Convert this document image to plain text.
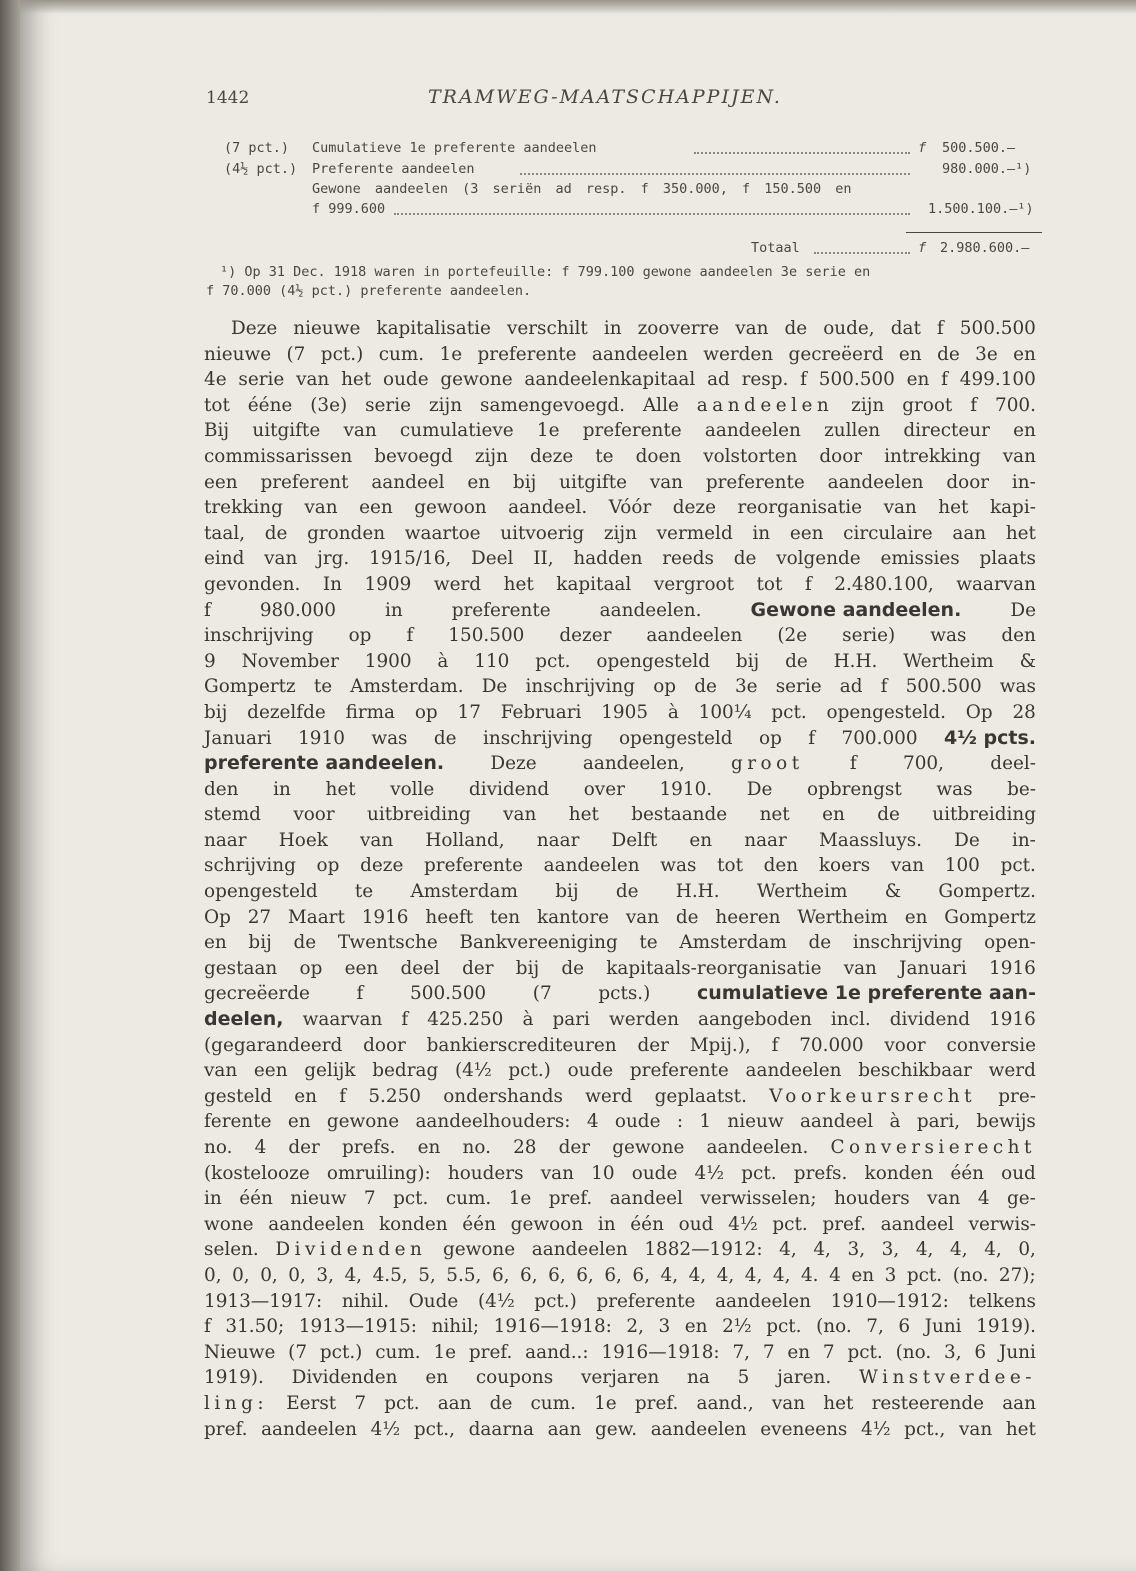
1442	TRAMWEG-MAATSCHAPPIJEN.
(7 pct.) Cumulatieve 1e preferente aandeelen	f 500.500.—
(4½ pct.) Preferente aandeelen	980.000.—¹)
Gewone aandeelen (3 seriën ad resp. f 350.000, f 150.500 en
f 999.600	1.500.100.—¹)
Totaal	f 2.980.600.—
¹) Op 31 Dec. 1918 waren in portefeuille: f 799.100 gewone aandeelen 3e serie en
f 70.000 (4½ pct.) preferente aandeelen.
Deze nieuwe kapitalisatie verschilt in zooverre van de oude, dat f 500.500
nieuwe (7 pct.) cum. 1e preferente aandeelen werden gecreëerd en de 3e en
4e serie van het oude gewone aandeelenkapitaal ad resp. f 500.500 en f 499.100
tot ééne (3e) serie zijn samengevoegd. Alle aandeelen zijn groot f 700.
Bij uitgifte van cumulatieve 1e preferente aandeelen zullen directeur en
commissarissen bevoegd zijn deze te doen volstorten door intrekking van
een preferent aandeel en bij uitgifte van preferente aandeelen door in-
trekking van een gewoon aandeel. Vóór deze reorganisatie van het kapi-
taal, de gronden waartoe uitvoerig zijn vermeld in een circulaire aan het
eind van jrg. 1915/16, Deel II, hadden reeds de volgende emissies plaats
gevonden. In 1909 werd het kapitaal vergroot tot f 2.480.100, waarvan
f	980.000	in	preferente	aandeelen.	Gewone aandeelen.	De
inschrijving op f 150.500 dezer aandeelen (2e serie) was den
9 November 1900 à 110 pct. opengesteld bij de H.H. Wertheim &
Gompertz te Amsterdam. De inschrijving op de 3e serie ad f 500.500 was
bij dezelfde firma op 17 Februari 1905 à 100¼ pct. opengesteld. Op 28
Januari 1910 was de inschrijving opengesteld op f 700.000 4½ pcts.
preferente aandeelen.	Deze	aandeelen,	groot	f	700,	deel-
den in het volle dividend over 1910. De opbrengst was be-
stemd voor uitbreiding van het bestaande net en de uitbreiding
naar Hoek van Holland, naar Delft en naar Maassluys. De in-
schrijving op deze preferente aandeelen was tot den koers van 100 pct.
opengesteld te Amsterdam bij de H.H. Wertheim & Gompertz.
Op 27 Maart 1916 heeft ten kantore van de heeren Wertheim en Gompertz
en bij de Twentsche Bankvereeniging te Amsterdam de inschrijving open-
gestaan op een deel der bij de kapitaals-reorganisatie van Januari 1916
gecreëerde	f	500.500	(7	pcts.) cumulatieve 1e preferente aan-
deelen, waarvan f 425.250 à pari werden aangeboden incl. dividend 1916
(gegarandeerd door bankierscrediteuren der Mpij.), f 70.000 voor conversie
van een gelijk bedrag (4½ pct.) oude preferente aandeelen beschikbaar werd
gesteld en f 5.250 ondershands werd geplaatst. Voorkeursrecht pre-
ferente en gewone aandeelhouders: 4 oude : 1 nieuw aandeel à pari, bewijs
no. 4 der prefs. en no. 28 der gewone aandeelen. Conversierecht
(kostelooze omruiling): houders van 10 oude 4½ pct. prefs. konden één oud
in één nieuw 7 pct. cum. 1e pref. aandeel verwisselen; houders van 4 ge-
wone aandeelen konden één gewoon in één oud 4½ pct. pref. aandeel verwis-
selen. Dividenden gewone aandeelen 1882—1912: 4, 4, 3, 3, 4, 4, 4, 0,
0, 0, 0, 0, 3, 4, 4.5, 5, 5.5, 6, 6, 6, 6, 6, 6, 4, 4, 4, 4, 4, 4. 4 en 3 pct. (no. 27);
1913—1917: nihil. Oude (4½ pct.) preferente aandeelen 1910—1912: telkens
f 31.50; 1913—1915: nihil; 1916—1918: 2, 3 en 2½ pct. (no. 7, 6 Juni 1919).
Nieuwe (7 pct.) cum. 1e pref. aand..: 1916—1918: 7, 7 en 7 pct. (no. 3, 6 Juni
1919). Dividenden en coupons verjaren na 5 jaren. Winstverdee-
ling: Eerst 7 pct. aan de cum. 1e pref. aand., van het resteerende aan
pref. aandeelen 4½ pct., daarna aan gew. aandeelen eveneens 4½ pct., van het
